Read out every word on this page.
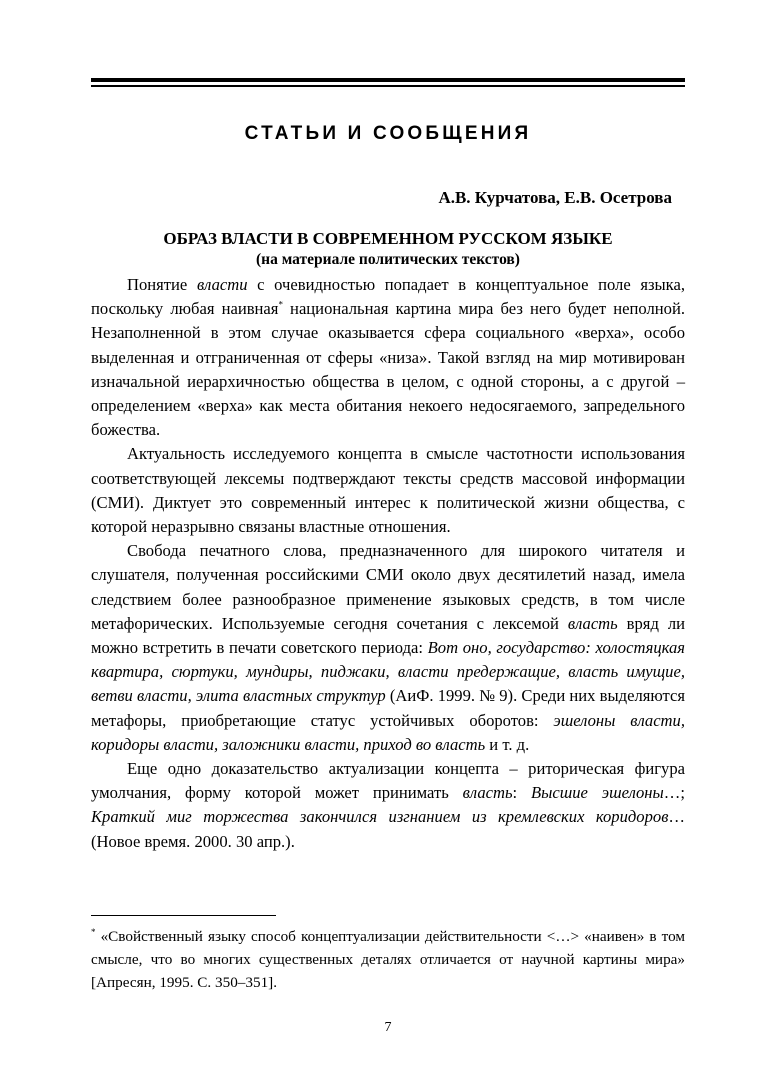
СТАТЬИ И СООБЩЕНИЯ
А.В. Курчатова, Е.В. Осетрова
ОБРАЗ ВЛАСТИ В СОВРЕМЕННОМ РУССКОМ ЯЗЫКЕ
(на материале политических текстов)

Понятие власти с очевидностью попадает в концептуальное поле языка, поскольку любая наивная* национальная картина мира без него будет неполной. Незаполненной в этом случае оказывается сфера социального «верха», особо выделенная и отграниченная от сферы «низа». Такой взгляд на мир мотивирован изначальной иерархичностью общества в целом, с одной стороны, а с другой – определением «верха» как места обитания некоего недосягаемого, запредельного божества.

Актуальность исследуемого концепта в смысле частотности использования соответствующей лексемы подтверждают тексты средств массовой информации (СМИ). Диктует это современный интерес к политической жизни общества, с которой неразрывно связаны властные отношения.

Свобода печатного слова, предназначенного для широкого читателя и слушателя, полученная российскими СМИ около двух десятилетий назад, имела следствием более разнообразное применение языковых средств, в том числе метафорических. Используемые сегодня сочетания с лексемой власть вряд ли можно встретить в печати советского периода: Вот оно, государство: холостяцкая квартира, сюртуки, мундиры, пиджаки, власти предержащие, власть имущие, ветви власти, элита властных структур (АиФ. 1999. № 9). Среди них выделяются метафоры, приобретающие статус устойчивых оборотов: эшелоны власти, коридоры власти, заложники власти, приход во власть и т. д.

Еще одно доказательство актуализации концепта – риторическая фигура умолчания, форму которой может принимать власть: Высшие эшелоны…; Краткий миг торжества закончился изгнанием из кремлевских коридоров… (Новое время. 2000. 30 апр.).

* «Свойственный языку способ концептуализации действительности <…> «наивен» в том смысле, что во многих существенных деталях отличается от научной картины мира» [Апресян, 1995. С. 350–351].
7
